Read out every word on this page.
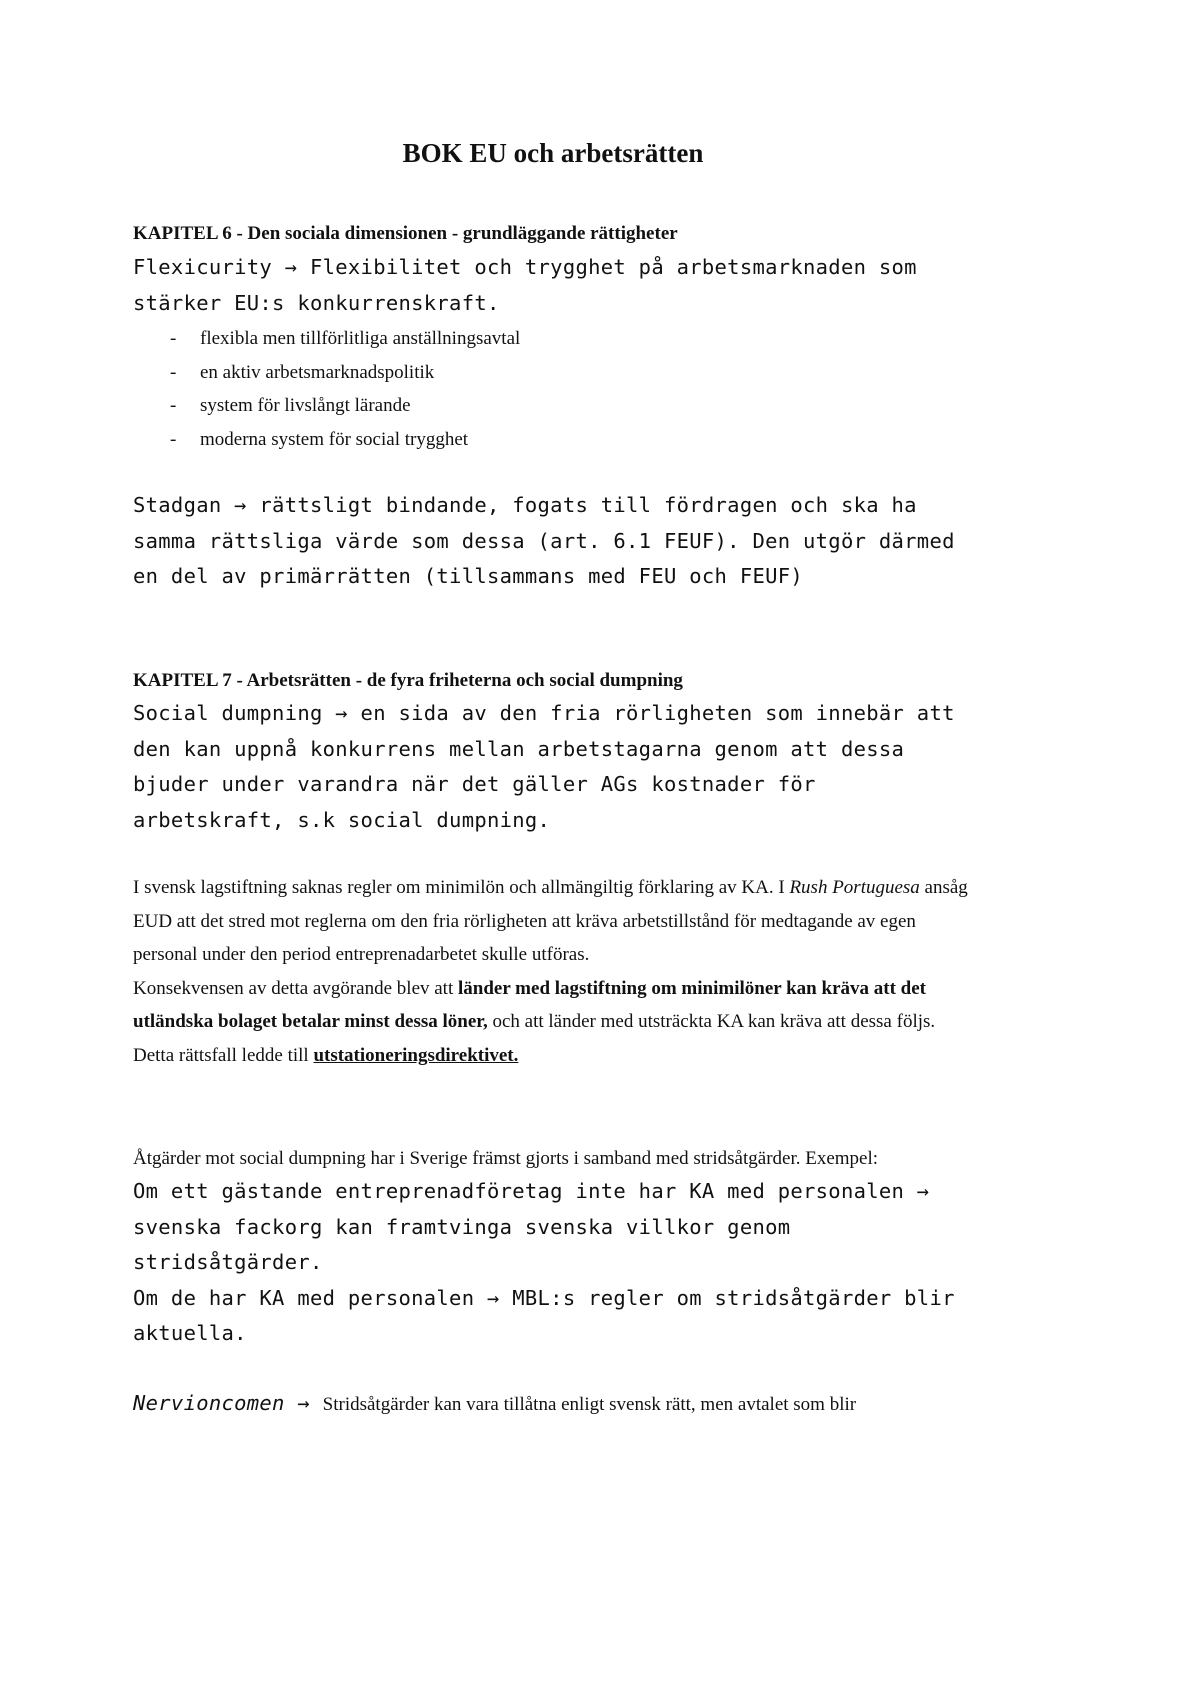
BOK EU och arbetsrätten
KAPITEL 6 - Den sociala dimensionen - grundläggande rättigheter

Flexicurity → Flexibilitet och trygghet på arbetsmarknaden som

stärker EU:s konkurrenskraft.

- flexibla men tillförlitliga anställningsavtal
- en aktiv arbetsmarknadspolitik
- system för livslångt lärande
- moderna system för social trygghet

Stadgan → rättsligt bindande, fogats till fördragen och ska ha

samma rättsliga värde som dessa (art. 6.1 FEUF). Den utgör därmed

en del av primärrätten (tillsammans med FEU och FEUF)

KAPITEL 7 - Arbetsrätten - de fyra friheterna och social dumpning

Social dumpning → en sida av den fria rörligheten som innebär att

den kan uppnå konkurrens mellan arbetstagarna genom att dessa

bjuder under varandra när det gäller AGs kostnader för

arbetskraft, s.k social dumpning.

I svensk lagstiftning saknas regler om minimilön och allmängiltig förklaring av KA. I Rush Portuguesa ansåg EUD att det stred mot reglerna om den fria rörligheten att kräva arbetstillstånd för medtagande av egen personal under den period entreprenadarbetet skulle utföras.

Konsekvensen av detta avgörande blev att länder med lagstiftning om minimilöner kan kräva att det utländska bolaget betalar minst dessa löner, och att länder med utsträckta KA kan kräva att dessa följs.

Detta rättsfall ledde till utstationeringsdirektivet.

Åtgärder mot social dumpning har i Sverige främst gjorts i samband med stridsåtgärder. Exempel:

Om ett gästande entreprenadföretag inte har KA med personalen →

svenska fackorg kan framtvinga svenska villkor genom

stridsåtgärder.

Om de har KA med personalen → MBL:s regler om stridsåtgärder blir

aktuella.

Nervioncomen → Stridsåtgärder kan vara tillåtna enligt svensk rätt, men avtalet som blir
